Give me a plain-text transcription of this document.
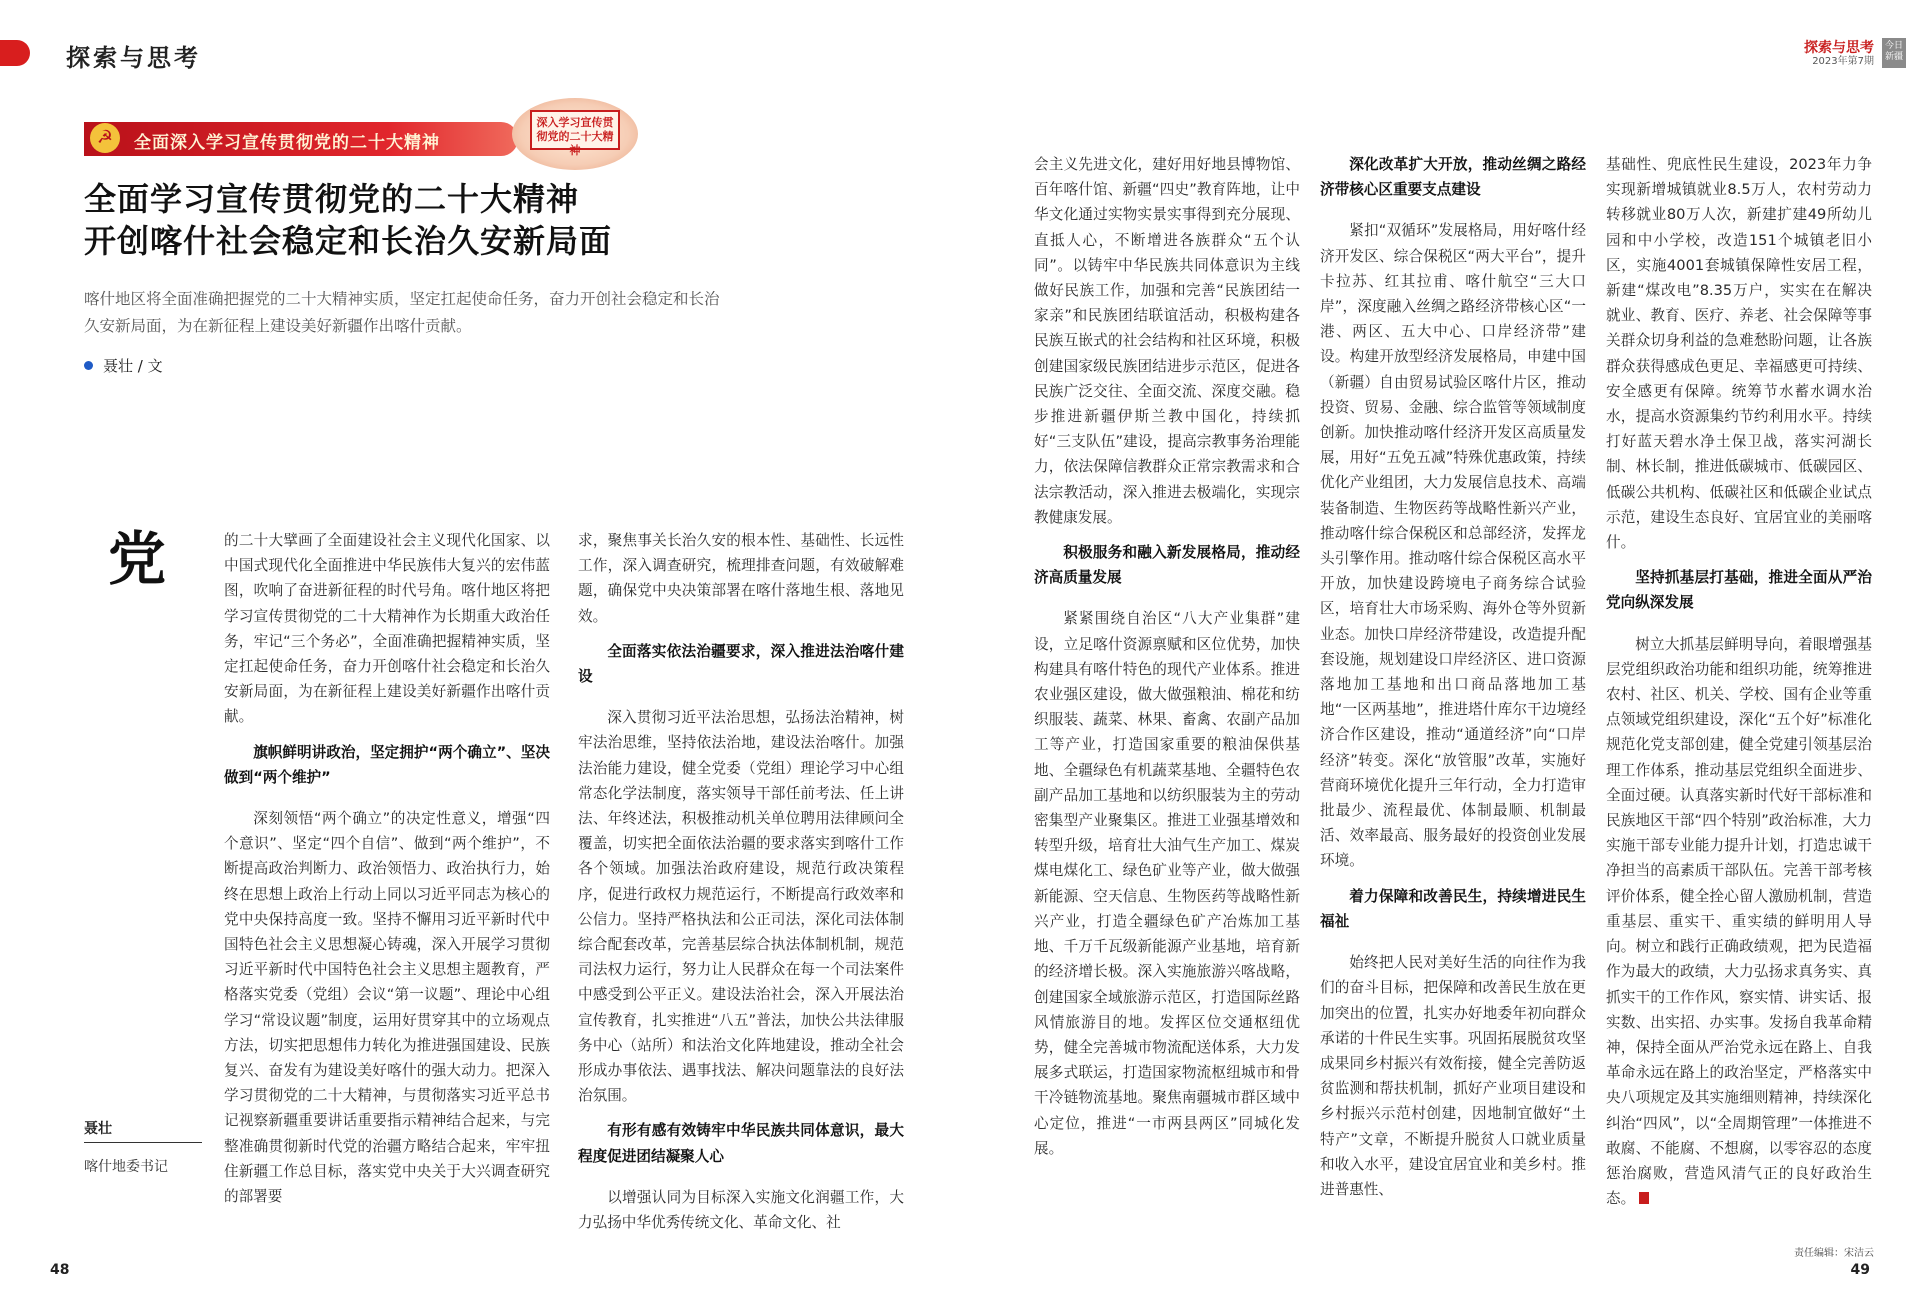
探索与思考	探索与思考
2023年第7期
今日新疆
☭	全面深入学习宣传贯彻党的二十大精神
深入学习宣传贯彻党的二十大精神
全面学习宣传贯彻党的二十大精神
开创喀什社会稳定和长治久安新局面
喀什地区将全面准确把握党的二十大精神实质，坚定扛起使命任务，奋力开创社会稳定和长治久安新局面，为在新征程上建设美好新疆作出喀什贡献。
聂壮 / 文
聂壮
喀什地委书记

党	的二十大擘画了全面建设社会主义现代化国家、以中国式现代化全面推进中华民族伟大复兴的宏伟蓝图，吹响了奋进新征程的时代号角。喀什地区将把学习宣传贯彻党的二十大精神作为长期重大政治任务，牢记“三个务必”，全面准确把握精神实质，坚定扛起使命任务，奋力开创喀什社会稳定和长治久安新局面，为在新征程上建设美好新疆作出喀什贡献。

旗帜鲜明讲政治，坚定拥护“两个确立”、坚决做到“两个维护”

深刻领悟“两个确立”的决定性意义，增强“四个意识”、坚定“四个自信”、做到“两个维护”，不断提高政治判断力、政治领悟力、政治执行力，始终在思想上政治上行动上同以习近平同志为核心的党中央保持高度一致。坚持不懈用习近平新时代中国特色社会主义思想凝心铸魂，深入开展学习贯彻习近平新时代中国特色社会主义思想主题教育，严格落实党委（党组）会议“第一议题”、理论中心组学习“常设议题”制度，运用好贯穿其中的立场观点方法，切实把思想伟力转化为推进强国建设、民族复兴、奋发有为建设美好喀什的强大动力。把深入学习贯彻党的二十大精神，与贯彻落实习近平总书记视察新疆重要讲话重要指示精神结合起来，与完整准确贯彻新时代党的治疆方略结合起来，牢牢扭住新疆工作总目标，落实党中央关于大兴调查研究的部署要

求，聚焦事关长治久安的根本性、基础性、长远性工作，深入调查研究，梳理排查问题，有效破解难题，确保党中央决策部署在喀什落地生根、落地见效。

全面落实依法治疆要求，深入推进法治喀什建设

深入贯彻习近平法治思想，弘扬法治精神，树牢法治思维，坚持依法治地，建设法治喀什。加强法治能力建设，健全党委（党组）理论学习中心组常态化学法制度，落实领导干部任前考法、任上讲法、年终述法，积极推动机关单位聘用法律顾问全覆盖，切实把全面依法治疆的要求落实到喀什工作各个领域。加强法治政府建设，规范行政决策程序，促进行政权力规范运行，不断提高行政效率和公信力。坚持严格执法和公正司法，深化司法体制综合配套改革，完善基层综合执法体制机制，规范司法权力运行，努力让人民群众在每一个司法案件中感受到公平正义。建设法治社会，深入开展法治宣传教育，扎实推进“八五”普法，加快公共法律服务中心（站所）和法治文化阵地建设，推动全社会形成办事依法、遇事找法、解决问题靠法的良好法治氛围。

有形有感有效铸牢中华民族共同体意识，最大程度促进团结凝聚人心

以增强认同为目标深入实施文化润疆工作，大力弘扬中华优秀传统文化、革命文化、社

会主义先进文化，建好用好地县博物馆、百年喀什馆、新疆“四史”教育阵地，让中华文化通过实物实景实事得到充分展现、直抵人心，不断增进各族群众“五个认同”。以铸牢中华民族共同体意识为主线做好民族工作，加强和完善“民族团结一家亲”和民族团结联谊活动，积极构建各民族互嵌式的社会结构和社区环境，积极创建国家级民族团结进步示范区，促进各民族广泛交往、全面交流、深度交融。稳步推进新疆伊斯兰教中国化，持续抓好“三支队伍”建设，提高宗教事务治理能力，依法保障信教群众正常宗教需求和合法宗教活动，深入推进去极端化，实现宗教健康发展。

积极服务和融入新发展格局，推动经济高质量发展

紧紧围绕自治区“八大产业集群”建设，立足喀什资源禀赋和区位优势，加快构建具有喀什特色的现代产业体系。推进农业强区建设，做大做强粮油、棉花和纺织服装、蔬菜、林果、畜禽、农副产品加工等产业，打造国家重要的粮油保供基地、全疆绿色有机蔬菜基地、全疆特色农副产品加工基地和以纺织服装为主的劳动密集型产业聚集区。推进工业强基增效和转型升级，培育壮大油气生产加工、煤炭煤电煤化工、绿色矿业等产业，做大做强新能源、空天信息、生物医药等战略性新兴产业，打造全疆绿色矿产冶炼加工基地、千万千瓦级新能源产业基地，培育新的经济增长极。深入实施旅游兴喀战略，创建国家全域旅游示范区，打造国际丝路风情旅游目的地。发挥区位交通枢纽优势，健全完善城市物流配送体系，大力发展多式联运，打造国家物流枢纽城市和骨干冷链物流基地。聚焦南疆城市群区域中心定位，推进“一市两县两区”同城化发展。

深化改革扩大开放，推动丝绸之路经济带核心区重要支点建设

紧扣“双循环”发展格局，用好喀什经济开发区、综合保税区“两大平台”，提升卡拉苏、红其拉甫、喀什航空“三大口岸”，深度融入丝绸之路经济带核心区“一港、两区、五大中心、口岸经济带”建设。构建开放型经济发展格局，申建中国（新疆）自由贸易试验区喀什片区，推动投资、贸易、金融、综合监管等领域制度创新。加快推动喀什经济开发区高质量发展，用好“五免五减”特殊优惠政策，持续优化产业组团，大力发展信息技术、高端装备制造、生物医药等战略性新兴产业，推动喀什综合保税区和总部经济，发挥龙头引擎作用。推动喀什综合保税区高水平开放，加快建设跨境电子商务综合试验区，培育壮大市场采购、海外仓等外贸新业态。加快口岸经济带建设，改造提升配套设施，规划建设口岸经济区、进口资源落地加工基地和出口商品落地加工基地“一区两基地”，推进塔什库尔干边境经济合作区建设，推动“通道经济”向“口岸经济”转变。深化“放管服”改革，实施好营商环境优化提升三年行动，全力打造审批最少、流程最优、体制最顺、机制最活、效率最高、服务最好的投资创业发展环境。

着力保障和改善民生，持续增进民生福祉

始终把人民对美好生活的向往作为我们的奋斗目标，把保障和改善民生放在更加突出的位置，扎实办好地委年初向群众承诺的十件民生实事。巩固拓展脱贫攻坚成果同乡村振兴有效衔接，健全完善防返贫监测和帮扶机制，抓好产业项目建设和乡村振兴示范村创建，因地制宜做好“土特产”文章，不断提升脱贫人口就业质量和收入水平，建设宜居宜业和美乡村。推进普惠性、

基础性、兜底性民生建设，2023年力争实现新增城镇就业8.5万人，农村劳动力转移就业80万人次，新建扩建49所幼儿园和中小学校，改造151个城镇老旧小区，实施4001套城镇保障性安居工程，新建“煤改电”8.35万户，实实在在解决就业、教育、医疗、养老、社会保障等事关群众切身利益的急难愁盼问题，让各族群众获得感成色更足、幸福感更可持续、安全感更有保障。统筹节水蓄水调水治水，提高水资源集约节约利用水平。持续打好蓝天碧水净土保卫战，落实河湖长制、林长制，推进低碳城市、低碳园区、低碳公共机构、低碳社区和低碳企业试点示范，建设生态良好、宜居宜业的美丽喀什。

坚持抓基层打基础，推进全面从严治党向纵深发展

树立大抓基层鲜明导向，着眼增强基层党组织政治功能和组织功能，统筹推进农村、社区、机关、学校、国有企业等重点领域党组织建设，深化“五个好”标准化规范化党支部创建，健全党建引领基层治理工作体系，推动基层党组织全面进步、全面过硬。认真落实新时代好干部标准和民族地区干部“四个特别”政治标准，大力实施干部专业能力提升计划，打造忠诚干净担当的高素质干部队伍。完善干部考核评价体系，健全拴心留人激励机制，营造重基层、重实干、重实绩的鲜明用人导向。树立和践行正确政绩观，把为民造福作为最大的政绩，大力弘扬求真务实、真抓实干的工作作风，察实情、讲实话、报实数、出实招、办实事。发扬自我革命精神，保持全面从严治党永远在路上、自我革命永远在路上的政治坚定，严格落实中央八项规定及其实施细则精神，持续深化纠治“四风”，以“全周期管理”一体推进不敢腐、不能腐、不想腐，以零容忍的态度惩治腐败，营造风清气正的良好政治生态。

责任编辑：宋洁云
48	49
